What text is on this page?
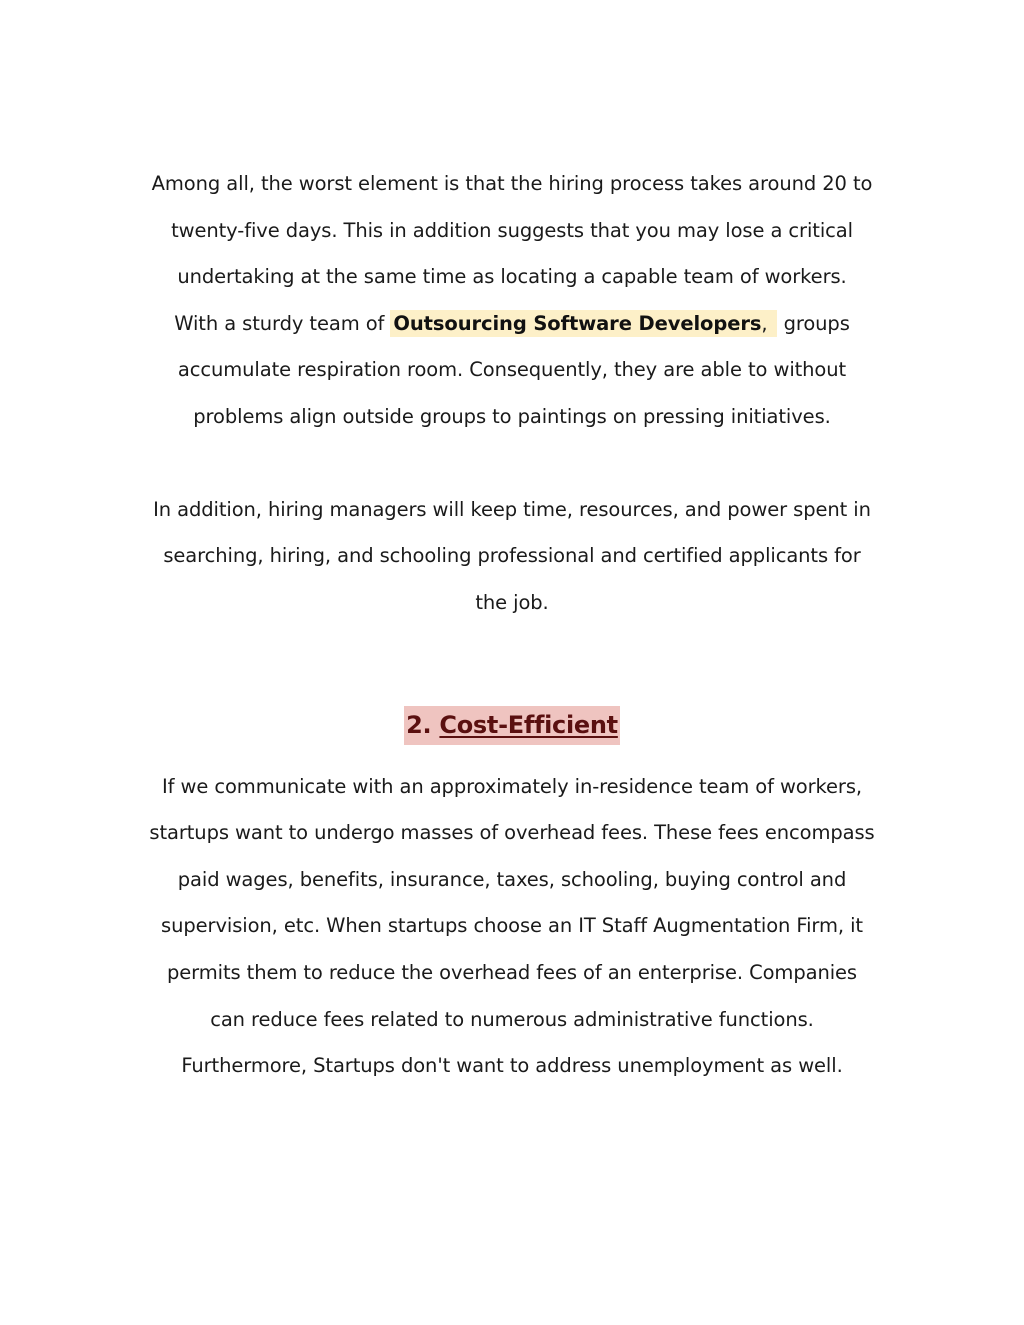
Among all, the worst element is that the hiring process takes around 20 to
twenty-five days. This in addition suggests that you may lose a critical
undertaking at the same time as locating a capable team of workers.
With a sturdy team of Outsourcing Software Developers, groups
accumulate respiration room. Consequently, they are able to without
problems align outside groups to paintings on pressing initiatives.
In addition, hiring managers will keep time, resources, and power spent in
searching, hiring, and schooling professional and certified applicants for
the job.
2. Cost-Efficient
If we communicate with an approximately in-residence team of workers,
startups want to undergo masses of overhead fees. These fees encompass
paid wages, benefits, insurance, taxes, schooling, buying control and
supervision, etc. When startups choose an IT Staff Augmentation Firm, it
permits them to reduce the overhead fees of an enterprise. Companies
can reduce fees related to numerous administrative functions.
Furthermore, Startups don't want to address unemployment as well.
